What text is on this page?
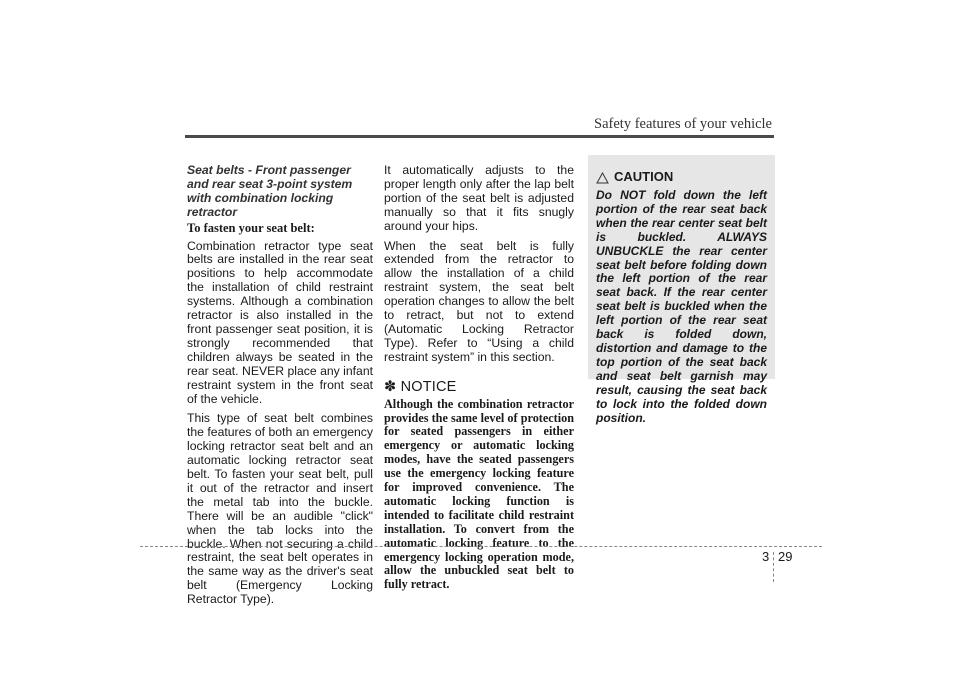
Safety features of your vehicle
Seat belts - Front passenger and rear seat 3-point system with combination locking retractor
To fasten your seat belt:

Combination retractor type seat belts are installed in the rear seat positions to help accommodate the installation of child restraint systems. Although a combination retractor is also installed in the front passenger seat position, it is strongly recommended that children always be seated in the rear seat. NEVER place any infant restraint system in the front seat of the vehicle.

This type of seat belt combines the features of both an emergency locking retractor seat belt and an automatic locking retractor seat belt. To fasten your seat belt, pull it out of the retractor and insert the metal tab into the buckle. There will be an audible "click" when the tab locks into the buckle. When not securing a child restraint, the seat belt operates in the same way as the driver's seat belt (Emergency Locking Retractor Type).

It automatically adjusts to the proper length only after the lap belt portion of the seat belt is adjusted manually so that it fits snugly around your hips.

When the seat belt is fully extended from the retractor to allow the installation of a child restraint system, the seat belt operation changes to allow the belt to retract, but not to extend (Automatic Locking Retractor Type). Refer to “Using a child restraint system” in this section.

✽ NOTICE
Although the combination retractor provides the same level of protection for seated passengers in either emergency or automatic locking modes, have the seated passengers use the emergency locking feature for improved convenience. The automatic locking function is intended to facilitate child restraint installation. To convert from the automatic locking feature to the emergency locking operation mode, allow the unbuckled seat belt to fully retract.
CAUTION
Do NOT fold down the left portion of the rear seat back when the rear center seat belt is buckled. ALWAYS UNBUCKLE the rear center seat belt before folding down the left portion of the rear seat back. If the rear center seat belt is buckled when the left portion of the rear seat back is folded down, distortion and damage to the top portion of the seat back and seat belt garnish may result, causing the seat back to lock into the folded down position.
3 29
